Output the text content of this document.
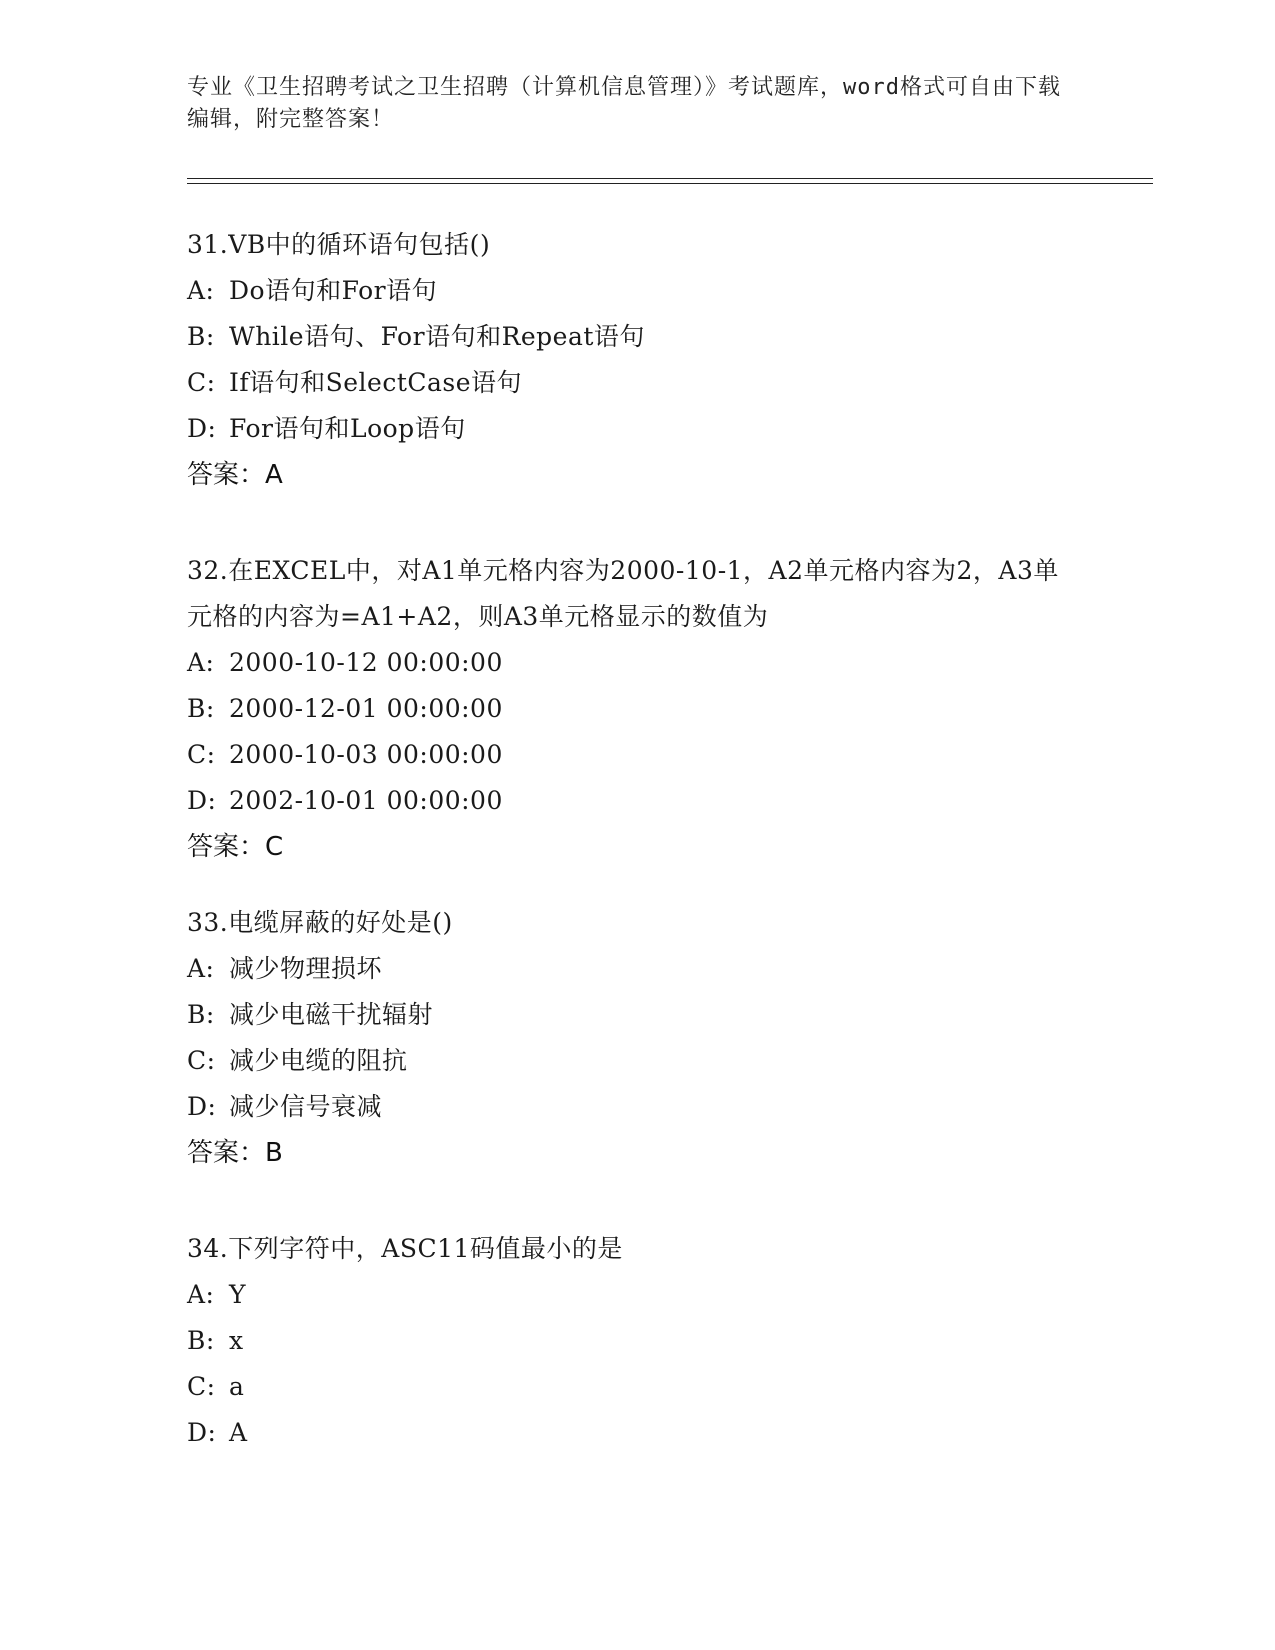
专业《卫生招聘考试之卫生招聘（计算机信息管理）》考试题库，word格式可自由下载编辑，附完整答案！
31.VB中的循环语句包括()
A: Do语句和For语句
B: While语句、For语句和Repeat语句
C: If语句和SelectCase语句
D: For语句和Loop语句
答案：A
32.在EXCEL中，对A1单元格内容为2000-10-1，A2单元格内容为2，A3单元格的内容为=A1+A2，则A3单元格显示的数值为
A: 2000-10-12 00:00:00
B: 2000-12-01 00:00:00
C: 2000-10-03 00:00:00
D: 2002-10-01 00:00:00
答案：C
33.电缆屏蔽的好处是()
A: 减少物理损坏
B: 减少电磁干扰辐射
C: 减少电缆的阻抗
D: 减少信号衰减
答案：B
34.下列字符中，ASC11码值最小的是
A: Y
B: x
C: a
D: A
